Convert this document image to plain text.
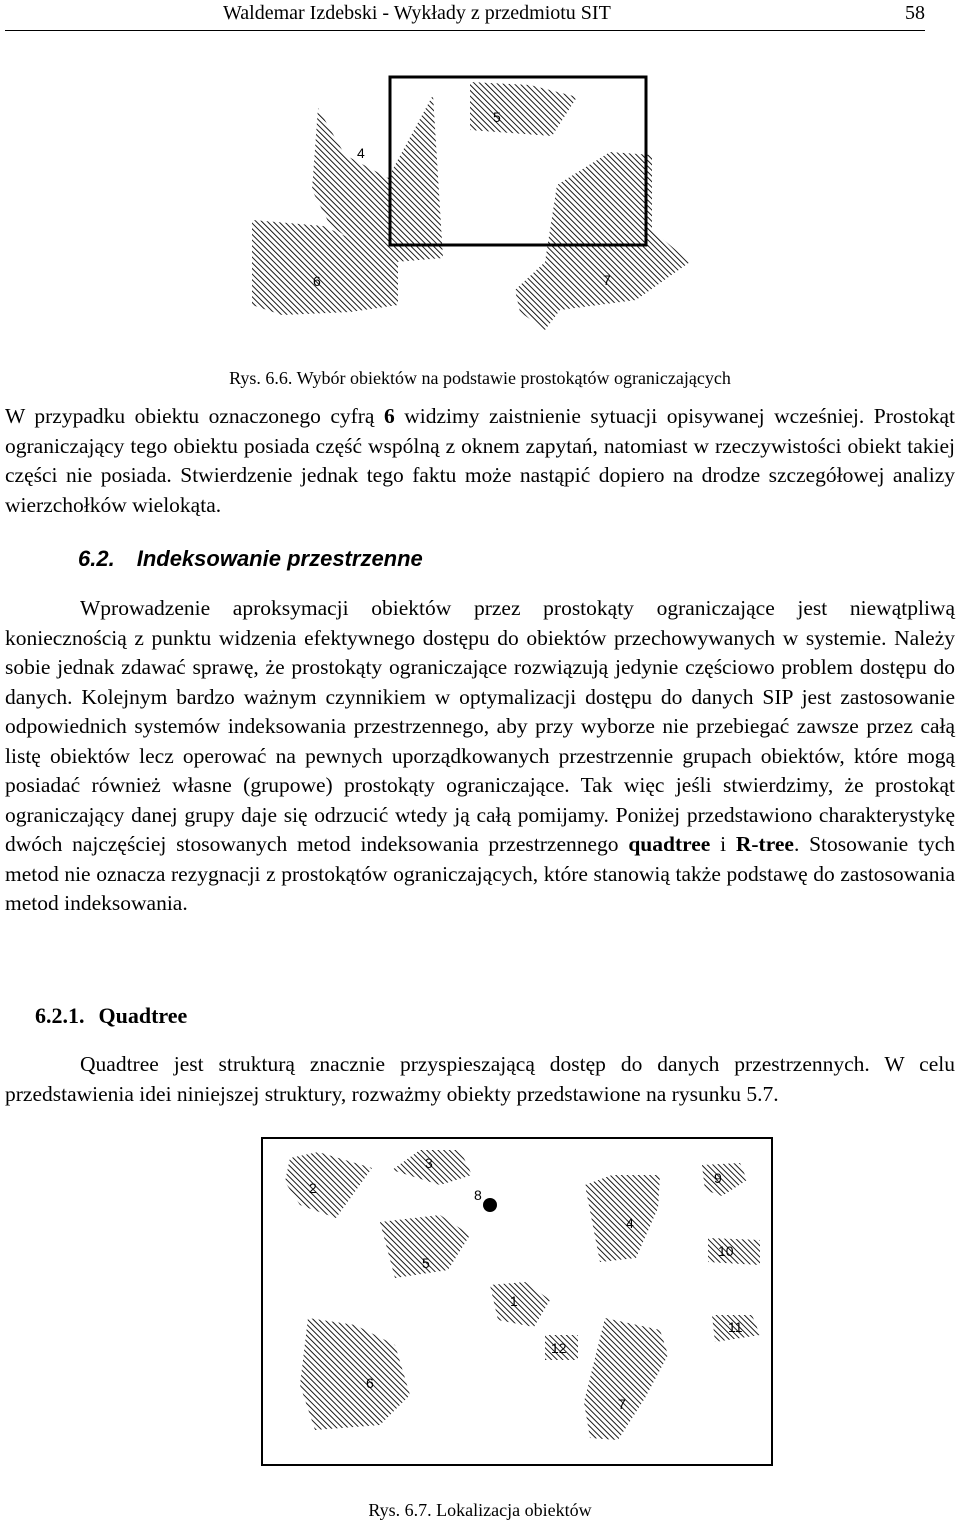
Waldemar Izdebski - Wykłady z przedmiotu SIT	58
4
5
6	7
Rys. 6.6. Wybór obiektów na podstawie prostokątów ograniczających

W przypadku obiektu oznaczonego cyfrą 6 widzimy zaistnienie sytuacji opisywanej wcześniej. Prostokąt ograniczający tego obiektu posiada część wspólną z oknem zapytań, natomiast w rzeczywistości obiekt takiej części nie posiada. Stwierdzenie jednak tego faktu może nastąpić dopiero na drodze szczegółowej analizy wierzchołków wielokąta.

6.2. Indeksowanie przestrzenne

Wprowadzenie aproksymacji obiektów przez prostokąty ograniczające jest niewątpliwą koniecznością z punktu widzenia efektywnego dostępu do obiektów przechowywanych w systemie. Należy sobie jednak zdawać sprawę, że prostokąty ograniczające rozwiązują jedynie częściowo problem dostępu do danych. Kolejnym bardzo ważnym czynnikiem w optymalizacji dostępu do danych SIP jest zastosowanie odpowiednich systemów indeksowania przestrzennego, aby przy wyborze nie przebiegać zawsze przez całą listę obiektów lecz operować na pewnych uporządkowanych przestrzennie grupach obiektów, które mogą posiadać również własne (grupowe) prostokąty ograniczające. Tak więc jeśli stwierdzimy, że prostokąt ograniczający danej grupy daje się odrzucić wtedy ją całą pomijamy. Poniżej przedstawiono charakterystykę dwóch najczęściej stosowanych metod indeksowania przestrzennego quadtree i R-tree. Stosowanie tych metod nie oznacza rezygnacji z prostokątów ograniczających, które stanowią także podstawę do zastosowania metod indeksowania.

6.2.1. Quadtree

Quadtree jest strukturą znacznie przyspieszającą dostęp do danych przestrzennych. W celu przedstawienia idei niniejszej struktury, rozważmy obiekty przedstawione na rysunku 5.7.

1
2
3
4
5
6
7
8
9
10
11
12
Rys. 6.7. Lokalizacja obiektów
